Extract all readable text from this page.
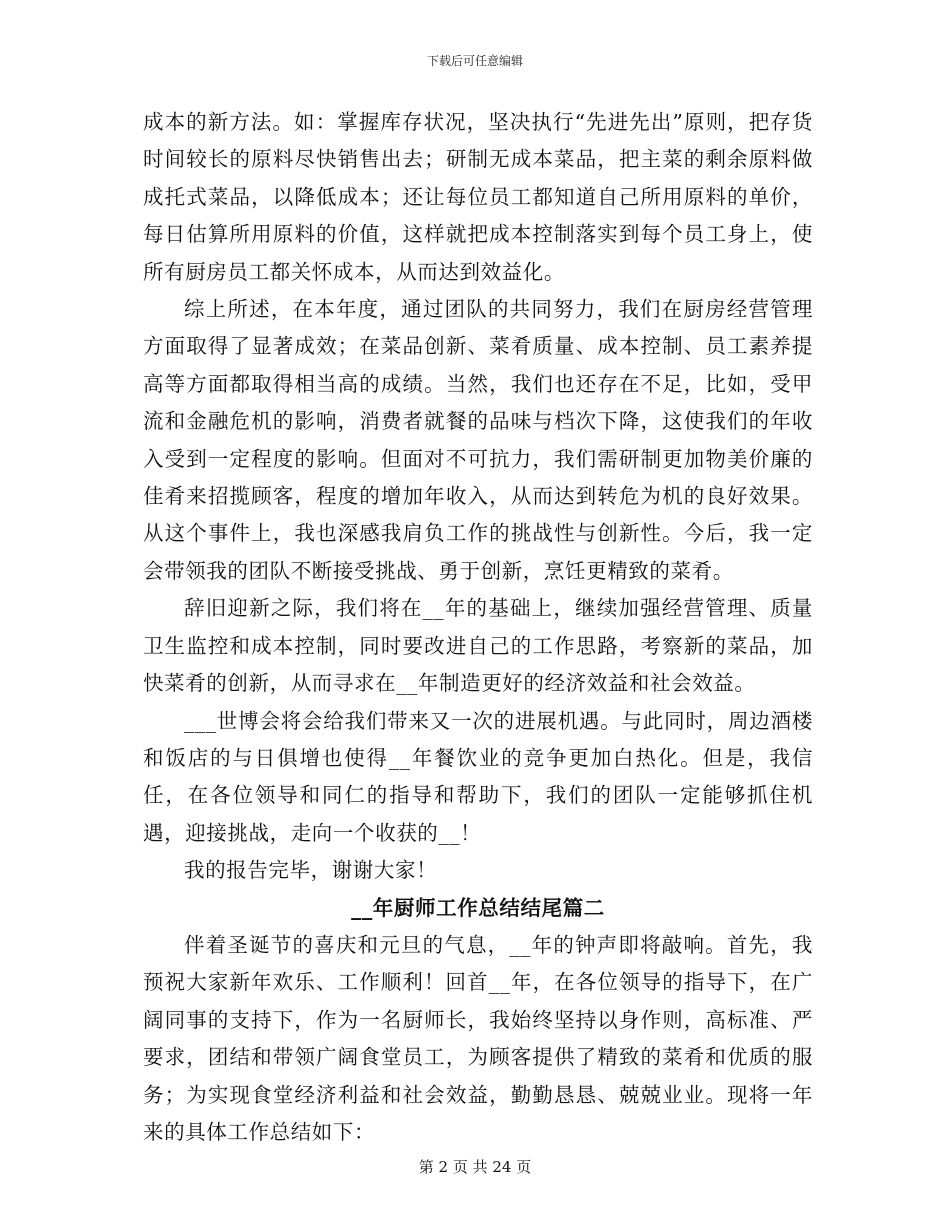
下载后可任意编辑

成本的新方法。如：掌握库存状况，坚决执行“先进先出”原则，把存货时间较长的原料尽快销售出去；研制无成本菜品，把主菜的剩余原料做成托式菜品，以降低成本；还让每位员工都知道自己所用原料的单价，每日估算所用原料的价值，这样就把成本控制落实到每个员工身上，使所有厨房员工都关怀成本，从而达到效益化。

综上所述，在本年度，通过团队的共同努力，我们在厨房经营管理方面取得了显著成效；在菜品创新、菜肴质量、成本控制、员工素养提高等方面都取得相当高的成绩。当然，我们也还存在不足，比如，受甲流和金融危机的影响，消费者就餐的品味与档次下降，这使我们的年收入受到一定程度的影响。但面对不可抗力，我们需研制更加物美价廉的佳肴来招揽顾客，程度的增加年收入，从而达到转危为机的良好效果。从这个事件上，我也深感我肩负工作的挑战性与创新性。今后，我一定会带领我的团队不断接受挑战、勇于创新，烹饪更精致的菜肴。

辞旧迎新之际，我们将在__年的基础上，继续加强经营管理、质量卫生监控和成本控制，同时要改进自己的工作思路，考察新的菜品，加快菜肴的创新，从而寻求在__年制造更好的经济效益和社会效益。

___世博会将会给我们带来又一次的进展机遇。与此同时，周边酒楼和饭店的与日俱增也使得__年餐饮业的竞争更加白热化。但是，我信任，在各位领导和同仁的指导和帮助下，我们的团队一定能够抓住机遇，迎接挑战，走向一个收获的__！

我的报告完毕，谢谢大家！

__年厨师工作总结结尾篇二

伴着圣诞节的喜庆和元旦的气息，__年的钟声即将敲响。首先，我预祝大家新年欢乐、工作顺利！回首__年，在各位领导的指导下，在广阔同事的支持下，作为一名厨师长，我始终坚持以身作则，高标准、严要求，团结和带领广阔食堂员工，为顾客提供了精致的菜肴和优质的服务；为实现食堂经济利益和社会效益，勤勤恳恳、兢兢业业。现将一年来的具体工作总结如下：

第 2 页 共 24 页
